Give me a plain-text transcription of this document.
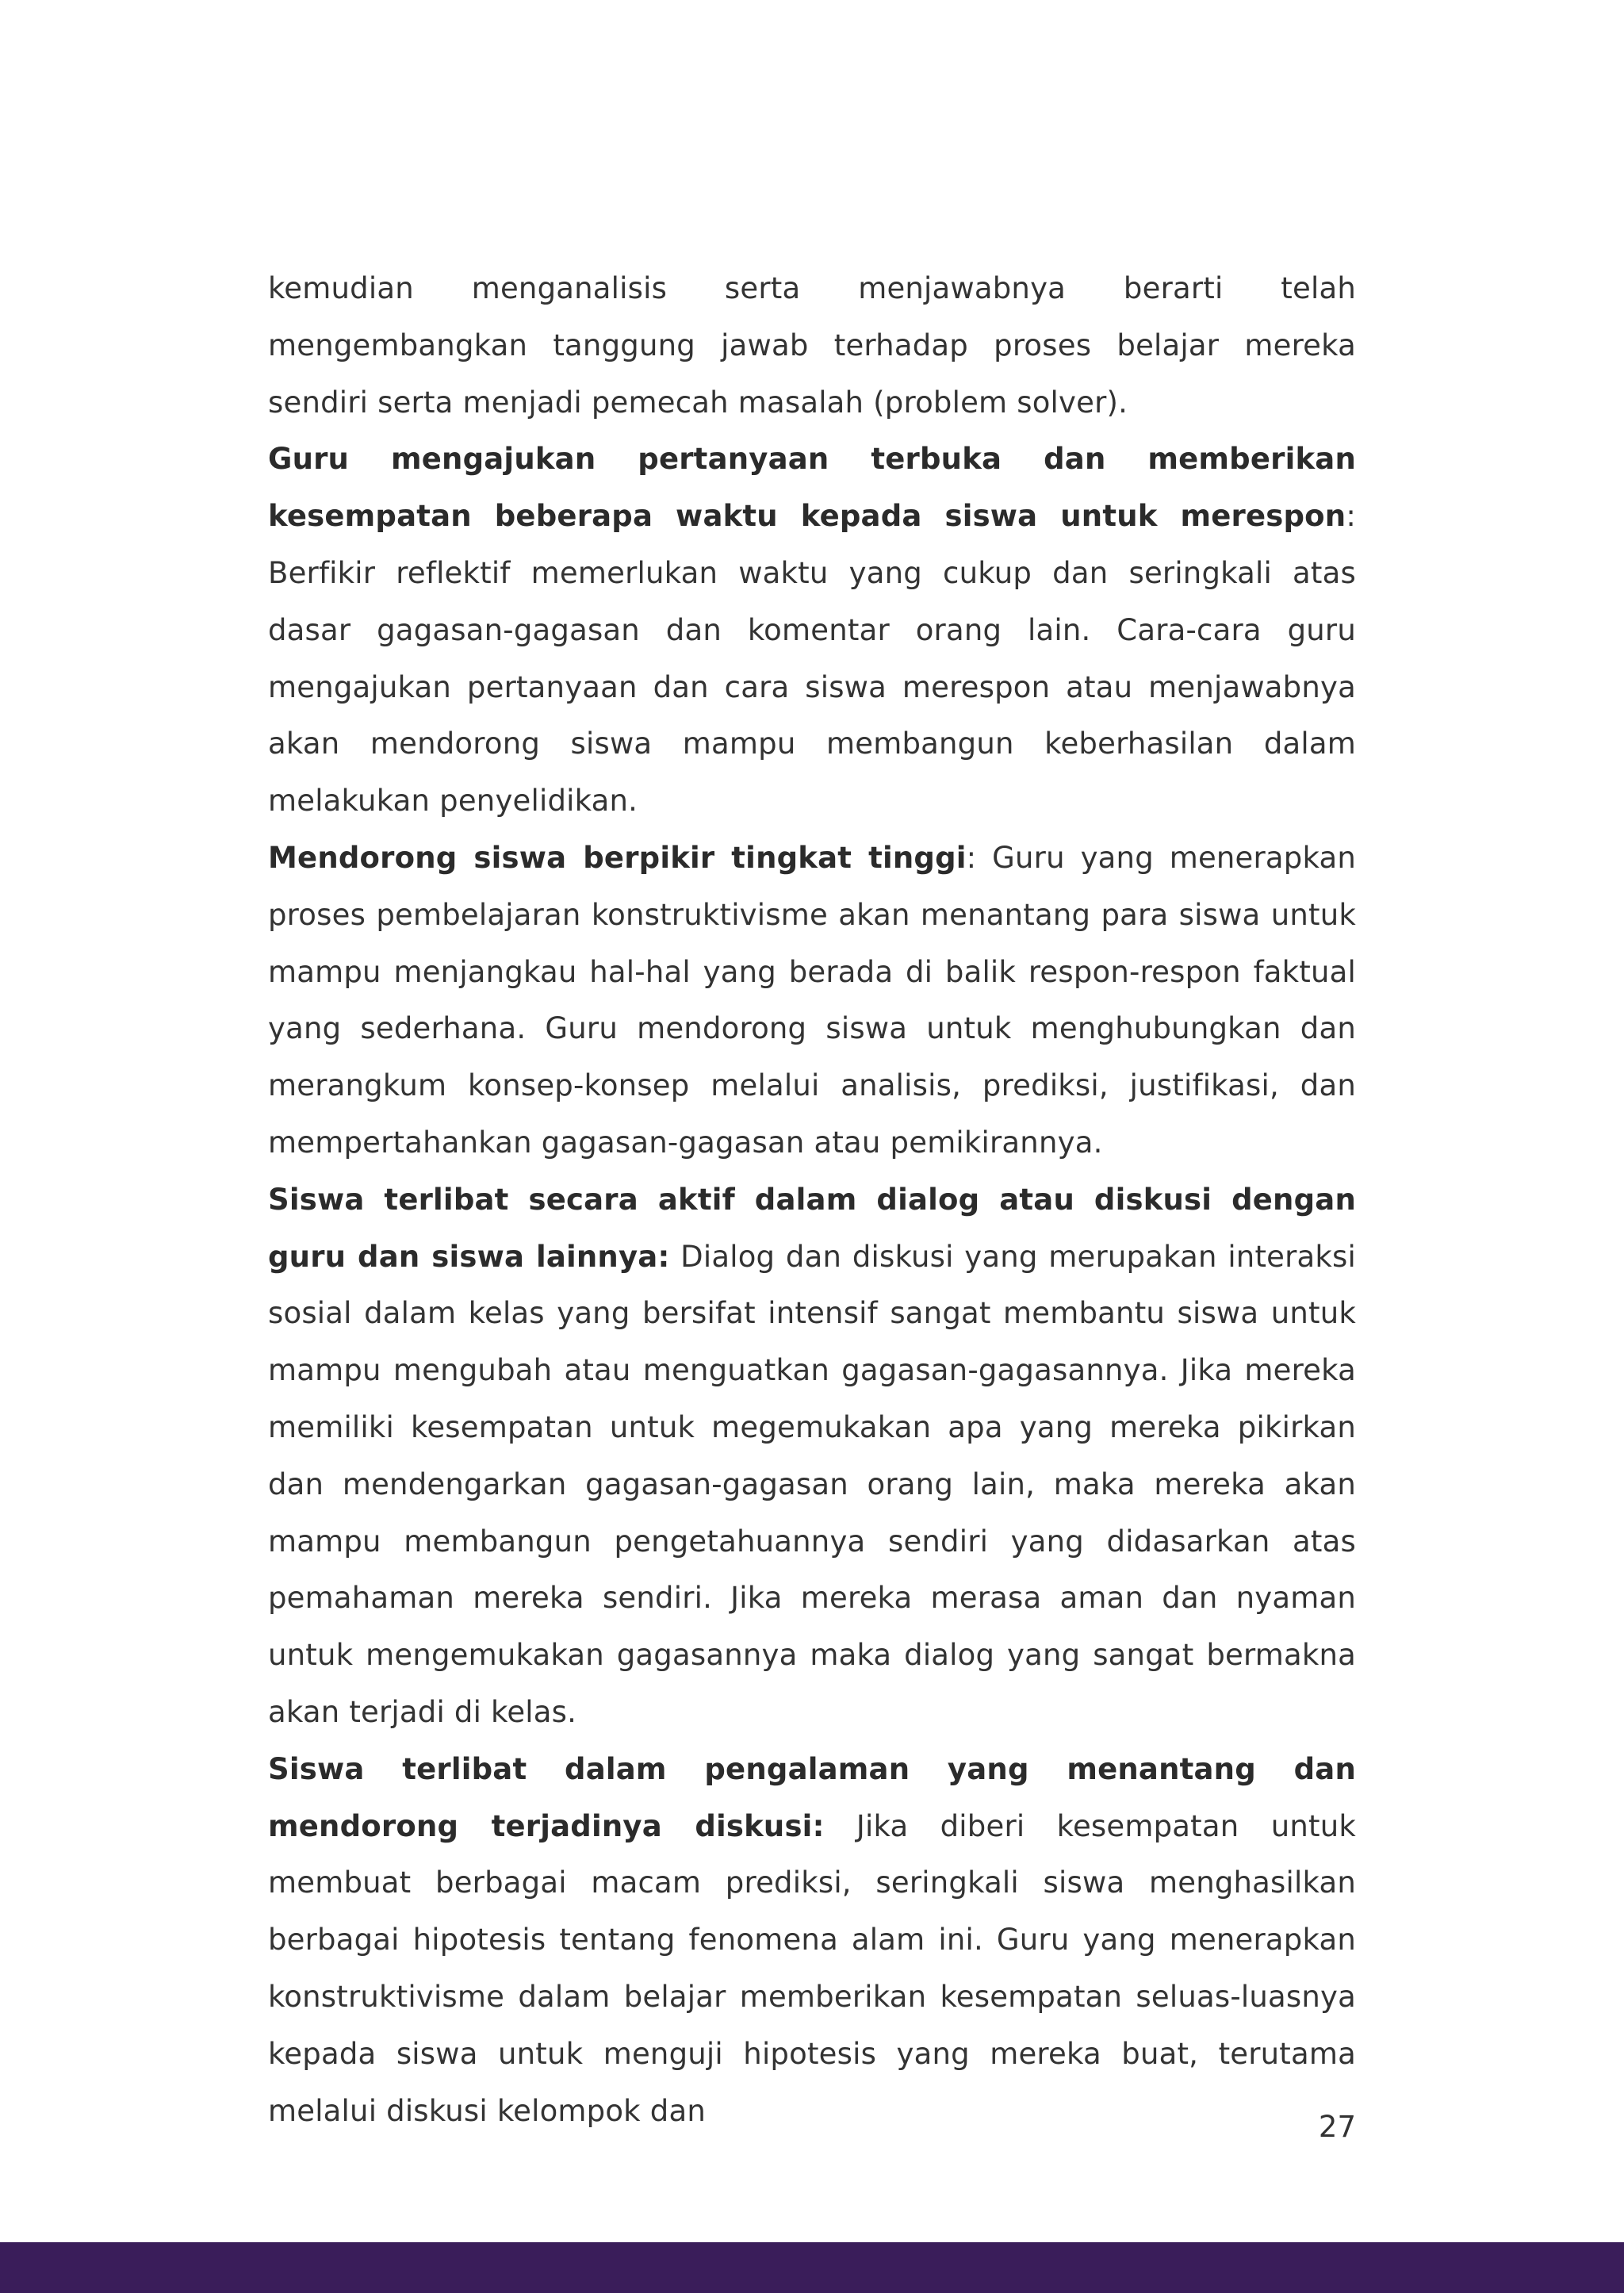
kemudian menganalisis serta menjawabnya berarti telah mengembangkan tanggung jawab terhadap proses belajar mereka sendiri serta menjadi pemecah masalah (problem solver).

Guru mengajukan pertanyaan terbuka dan memberikan kesempatan beberapa waktu kepada siswa untuk merespon: Berfikir reflektif memerlukan waktu yang cukup dan seringkali atas dasar gagasan-gagasan dan komentar orang lain. Cara-cara guru mengajukan pertanyaan dan cara siswa merespon atau menjawabnya akan mendorong siswa mampu membangun keberhasilan dalam melakukan penyelidikan.

Mendorong siswa berpikir tingkat tinggi: Guru yang menerapkan proses pembelajaran konstruktivisme akan menantang para siswa untuk mampu menjangkau hal-hal yang berada di balik respon-respon faktual yang sederhana. Guru mendorong siswa untuk menghubungkan dan merangkum konsep-konsep melalui analisis, prediksi, justifikasi, dan mempertahankan gagasan-gagasan atau pemikirannya.

Siswa terlibat secara aktif dalam dialog atau diskusi dengan guru dan siswa lainnya: Dialog dan diskusi yang merupakan interaksi sosial dalam kelas yang bersifat intensif sangat membantu siswa untuk mampu mengubah atau menguatkan gagasan-gagasannya. Jika mereka memiliki kesempatan untuk megemukakan apa yang mereka pikirkan dan mendengarkan gagasan-gagasan orang lain, maka mereka akan mampu membangun pengetahuannya sendiri yang didasarkan atas pemahaman mereka sendiri. Jika mereka merasa aman dan nyaman untuk mengemukakan gagasannya maka dialog yang sangat bermakna akan terjadi di kelas.

Siswa terlibat dalam pengalaman yang menantang dan mendorong terjadinya diskusi: Jika diberi kesempatan untuk membuat berbagai macam prediksi, seringkali siswa menghasilkan berbagai hipotesis tentang fenomena alam ini. Guru yang menerapkan konstruktivisme dalam belajar memberikan kesempatan seluas-luasnya kepada siswa untuk menguji hipotesis yang mereka buat, terutama melalui diskusi kelompok dan	27
